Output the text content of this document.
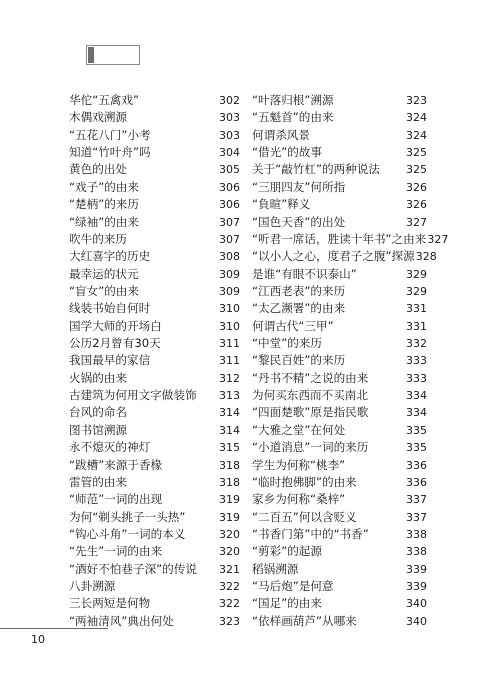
华佗“五禽戏”	302
木偶戏溯源	303
“五花八门”小考	303
知道“竹叶舟”吗	304
黄色的出处	305
“戏子”的由来	306
“楚柄”的来历	306
“绿袖”的由来	307
吹牛的来历	307
大红喜字的历史	308
最幸运的状元	309
“盲女”的由来	309
线装书始自何时	310
国学大师的开场白	310
公历2月曾有30天	311
我国最早的家信	311
火锅的由来	312
古建筑为何用文字做装饰 313
台风的命名	314
图书馆溯源	314
永不熄灭的神灯	315
“跋槽”来源于香椽	318
雷管的由来	318
“师范”一词的出现	319
为何“剃头挑子一头热”	319
“钩心斗角”一词的本义	320
“先生”一词的由来	320
“酒好不怕巷子深”的传说 321
八卦溯源	322
三长两短是何物	322
“两袖清风”典出何处	323
“叶落归根”溯源	323
“五魁首”的由来	324
何谓杀风景	324
“借光”的故事	325
关于“敲竹杠”的两种说法 325
“三朋四友”何所指	326
“負暄”释义	326
“国色天香”的出处	327
“听君一席话，胜读十年书”之由来 327
“以小人之心，度君子之腹”探源 328
是谁“有眼不识泰山”	329
“江西老表”的来历	329
“太乙濒署”的由来	331
何谓古代“三甲”	331
“中堂”的来历	332
“黎民百姓”的来历	333
“丹书不精”之说的由来	333
为何买东西而不买南北	334
“四面楚歌”原是指民歌	334
“大雅之堂”在何处	335
“小道消息”一词的来历	335
学生为何称“桃李”	336
“临时抱佛脚”的由来	336
家乡为何称“桑梓”	337
“二百五”何以含贬义	337
“书香门第”中的“书香”	338
“剪彩”的起源	338
稻锅溯源	339
“马后炮”是何意	339
“国足”的由来	340
“依样画葫芦”从哪来	340
10
